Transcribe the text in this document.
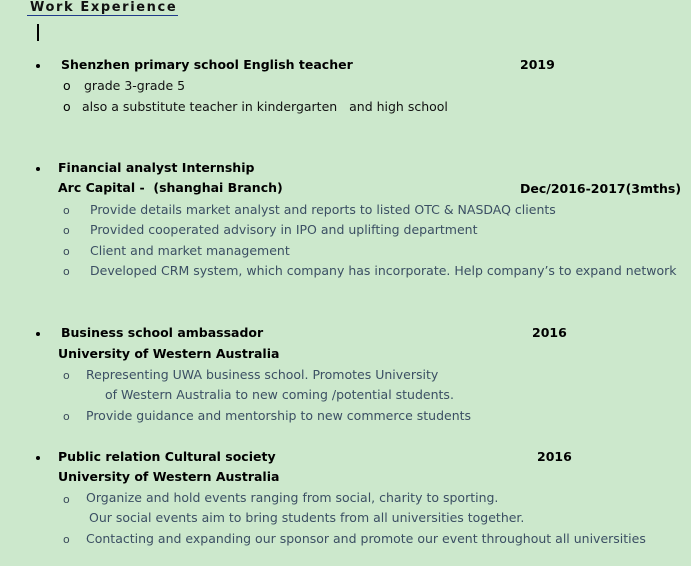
Work Experience
Shenzhen primary school English teacher	2019
o grade 3-grade 5
o also a substitute teacher in kindergarten   and high school
Financial analyst Internship
Arc Capital -  (shanghai Branch)	Dec/2016-2017(3mths)
o Provide details market analyst and reports to listed OTC & NASDAQ clients
o Provided cooperated advisory in IPO and uplifting department
o Client and market management
o Developed CRM system, which company has incorporate. Help company’s to expand network
Business school ambassador	2016
University of Western Australia
o Representing UWA business school. Promotes University
of Western Australia to new coming /potential students.
o Provide guidance and mentorship to new commerce students
Public relation Cultural society	2016
University of Western Australia
o Organize and hold events ranging from social, charity to sporting.
Our social events aim to bring students from all universities together.
o Contacting and expanding our sponsor and promote our event throughout all universities
